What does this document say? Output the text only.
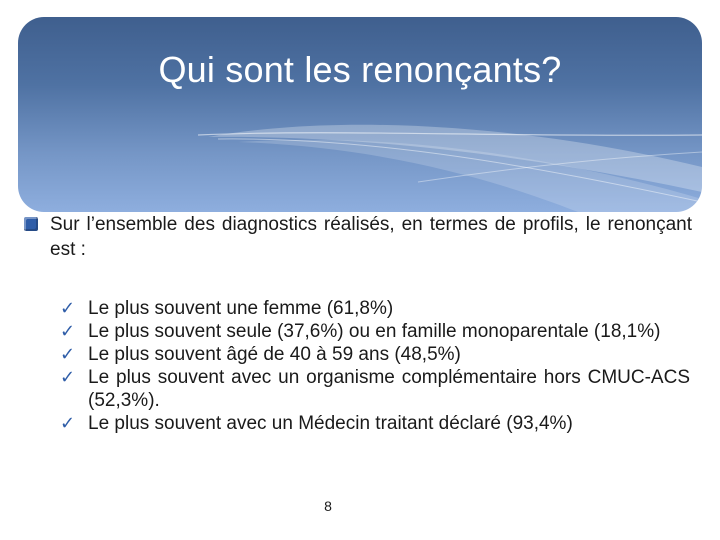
Qui sont les renonçants?
Sur l’ensemble des diagnostics réalisés, en termes de profils, le renonçant est :
✓ Le plus souvent une femme (61,8%)
✓ Le plus souvent seule (37,6%) ou en famille monoparentale (18,1%)
✓ Le plus souvent âgé de 40 à 59 ans (48,5%)
✓ Le plus souvent avec un organisme complémentaire hors CMUC-ACS (52,3%).
✓ Le plus souvent avec un Médecin traitant déclaré (93,4%)
8
